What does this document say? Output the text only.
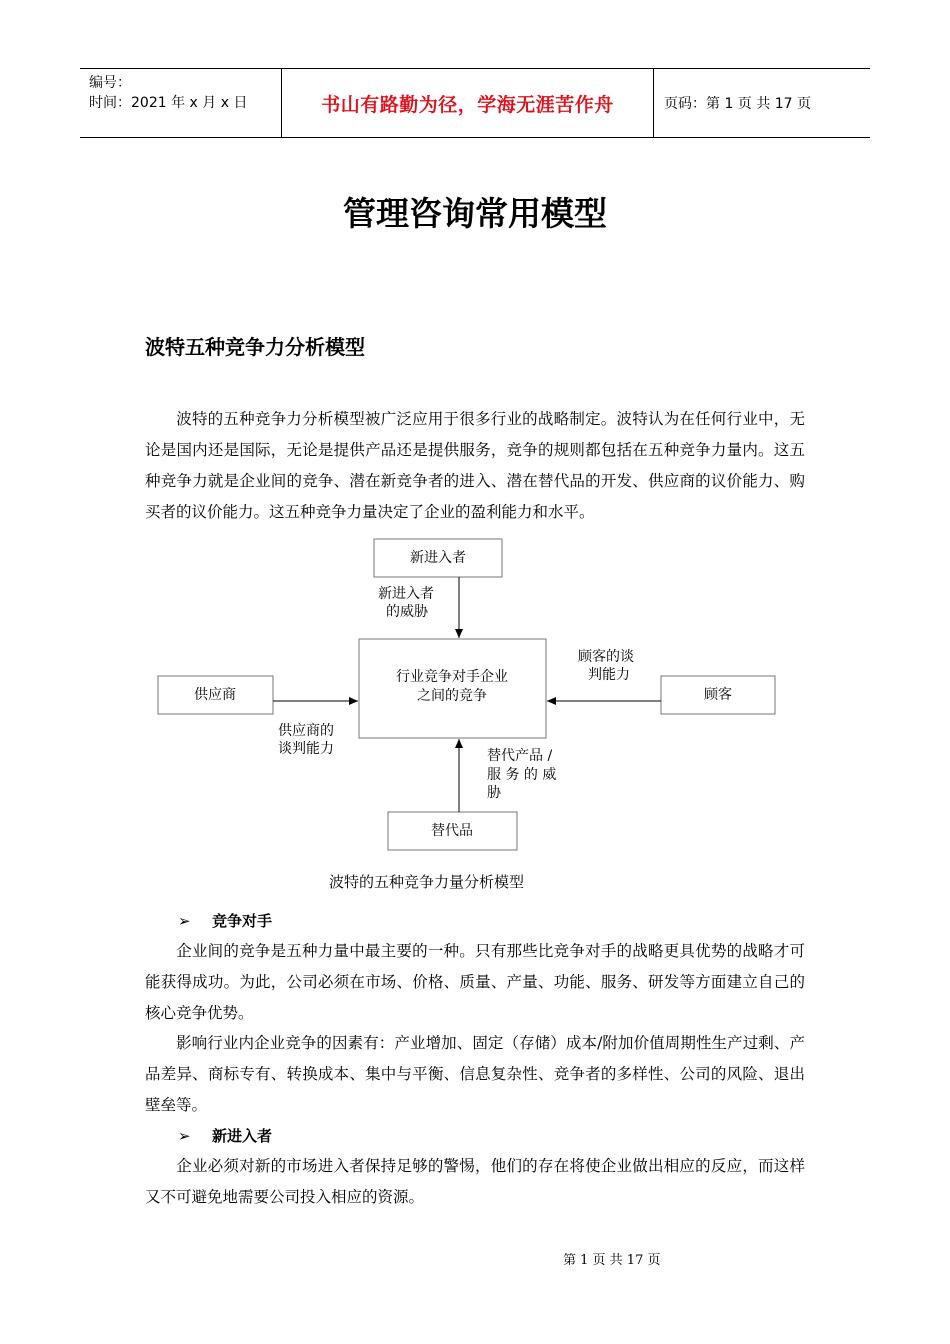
编号：
时间：2021 年 x 月 x 日	书山有路勤为径，学海无涯苦作舟	页码：第 1 页 共 17 页
管理咨询常用模型
波特五种竞争力分析模型

波特的五种竞争力分析模型被广泛应用于很多行业的战略制定。波特认为在任何行业中，无论是国内还是国际，无论是提供产品还是提供服务，竞争的规则都包括在五种竞争力量内。这五种竞争力就是企业间的竞争、潜在新竞争者的进入、潜在替代品的开发、供应商的议价能力、购买者的议价能力。这五种竞争力量决定了企业的盈利能力和水平。

新进入者
行业竞争对手企业
之间的竞争
供应商	顾客
替代品
新进入者
的威胁
顾客的谈
判能力
供应商的
谈判能力	替代产品 /
服 务 的 威
胁
波特的五种竞争力量分析模型
➢ 竞争对手

企业间的竞争是五种力量中最主要的一种。只有那些比竞争对手的战略更具优势的战略才可能获得成功。为此，公司必须在市场、价格、质量、产量、功能、服务、研发等方面建立自己的核心竞争优势。

影响行业内企业竞争的因素有：产业增加、固定（存储）成本/附加价值周期性生产过剩、产品差异、商标专有、转换成本、集中与平衡、信息复杂性、竞争者的多样性、公司的风险、退出壁垒等。

➢ 新进入者

企业必须对新的市场进入者保持足够的警惕，他们的存在将使企业做出相应的反应，而这样又不可避免地需要公司投入相应的资源。

第 1 页 共 17 页
